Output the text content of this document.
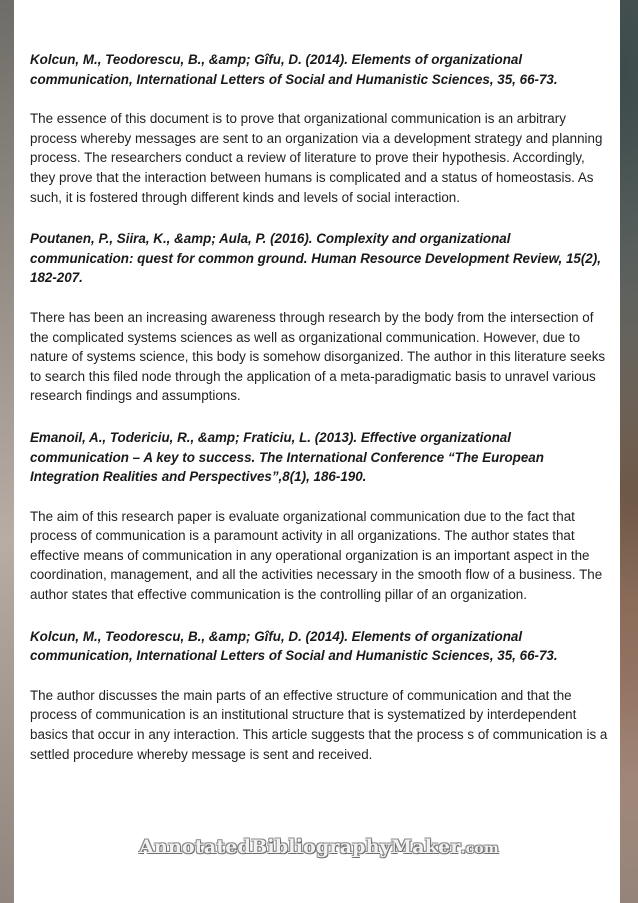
Kolcun, M., Teodorescu, B., &amp; Gîfu, D. (2014). Elements of organizational communication, International Letters of Social and Humanistic Sciences, 35, 66-73.

The essence of this document is to prove that organizational communication is an arbitrary process whereby messages are sent to an organization via a development strategy and planning process. The researchers conduct a review of literature to prove their hypothesis. Accordingly, they prove that the interaction between humans is complicated and a status of homeostasis. As such, it is fostered through different kinds and levels of social interaction.

Poutanen, P., Siira, K., &amp; Aula, P. (2016). Complexity and organizational communication: quest for common ground. Human Resource Development Review, 15(2), 182-207.

There has been an increasing awareness through research by the body from the intersection of the complicated systems sciences as well as organizational communication. However, due to nature of systems science, this body is somehow disorganized. The author in this literature seeks to search this filed node through the application of a meta-paradigmatic basis to unravel various research findings and assumptions.

Emanoil, A., Todericiu, R., &amp; Fraticiu, L. (2013). Effective organizational communication – A key to success. The International Conference “The European Integration Realities and Perspectives”,8(1), 186-190.

The aim of this research paper is evaluate organizational communication due to the fact that process of communication is a paramount activity in all organizations. The author states that effective means of communication in any operational organization is an important aspect in the coordination, management, and all the activities necessary in the smooth flow of a business. The author states that effective communication is the controlling pillar of an organization.

Kolcun, M., Teodorescu, B., &amp; Gîfu, D. (2014). Elements of organizational communication, International Letters of Social and Humanistic Sciences, 35, 66-73.

The author discusses the main parts of an effective structure of communication and that the process of communication is an institutional structure that is systematized by interdependent basics that occur in any interaction. This article suggests that the process s of communication is a settled procedure whereby message is sent and received.

AnnotatedBibliographyMaker.com
